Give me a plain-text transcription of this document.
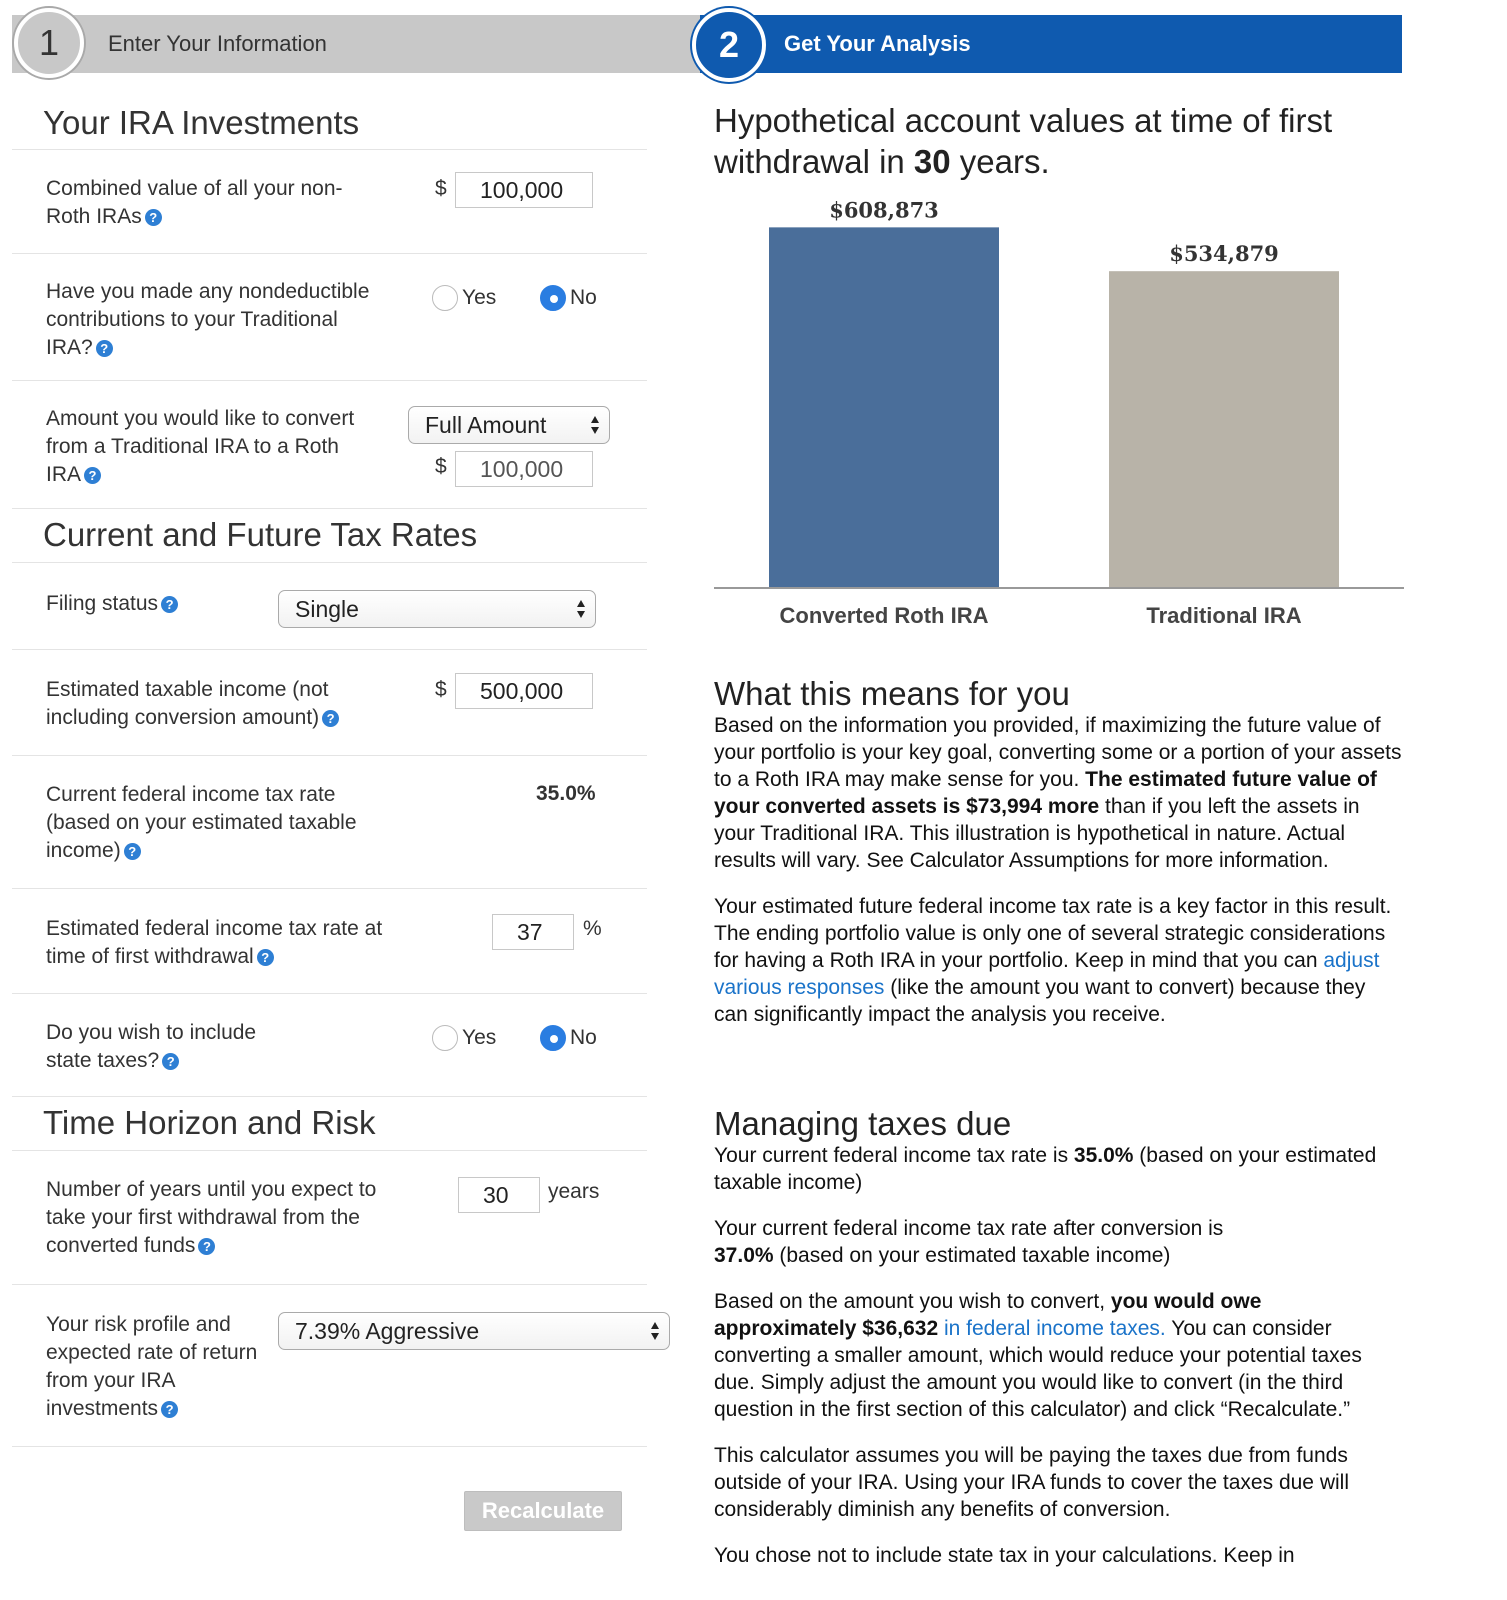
1	Enter Your Information	2	Get Your Analysis
Your IRA Investments
Combined value of all your non-Roth IRAs ?
$	100,000
Have you made any nondeductible contributions to your Traditional IRA? ?
Yes	No
Amount you would like to convert from a Traditional IRA to a Roth IRA ?
Full Amount
$	100,000
Current and Future Tax Rates
Filing status ?	Single
Estimated taxable income (not including conversion amount) ?
$	500,000
Current federal income tax rate (based on your estimated taxable income) ?
35.0%
Estimated federal income tax rate at time of first withdrawal ?
37	%
Do you wish to include state taxes? ?
Yes	No
Time Horizon and Risk
Number of years until you expect to take your first withdrawal from the converted funds ?
30	years
Your risk profile and expected rate of return from your IRA investments ?
7.39% Aggressive
Recalculate
Hypothetical account values at time of first withdrawal in 30 years.
$608,873
Converted Roth IRA
$534,879
Traditional IRA
What this means for you

Based on the information you provided, if maximizing the future value of your portfolio is your key goal, converting some or a portion of your assets to a Roth IRA may make sense for you. The estimated future value of your converted assets is $73,994 more than if you left the assets in your Traditional IRA. This illustration is hypothetical in nature. Actual results will vary. See Calculator Assumptions for more information.

Your estimated future federal income tax rate is a key factor in this result. The ending portfolio value is only one of several strategic considerations for having a Roth IRA in your portfolio. Keep in mind that you can adjust various responses (like the amount you want to convert) because they can significantly impact the analysis you receive.

Managing taxes due

Your current federal income tax rate is 35.0% (based on your estimated taxable income)

Your current federal income tax rate after conversion is 37.0% (based on your estimated taxable income)

Based on the amount you wish to convert, you would owe approximately $36,632 in federal income taxes. You can consider converting a smaller amount, which would reduce your potential taxes due. Simply adjust the amount you would like to convert (in the third question in the first section of this calculator) and click “Recalculate.”

This calculator assumes you will be paying the taxes due from funds outside of your IRA. Using your IRA funds to cover the taxes due will considerably diminish any benefits of conversion.

You chose not to include state tax in your calculations. Keep in
